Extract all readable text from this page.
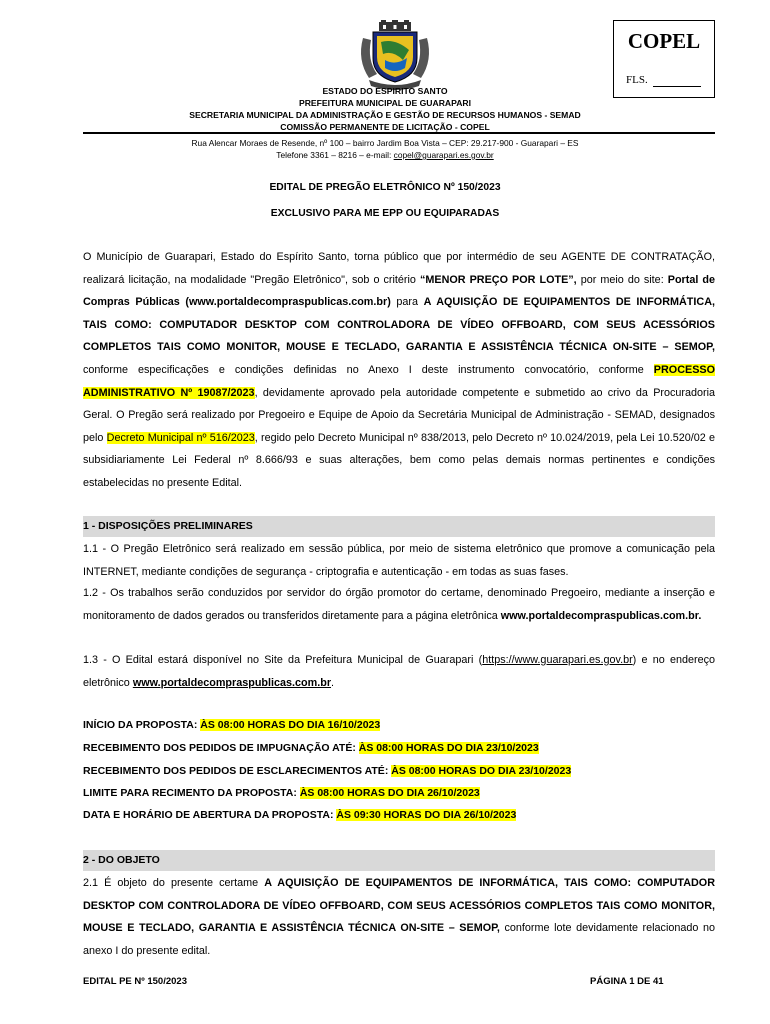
COPEL
FLS.
ESTADO DO ESPIRITO SANTO
PREFEITURA MUNICIPAL DE GUARAPARI
SECRETARIA MUNICIPAL DA ADMINISTRAÇÃO E GESTÃO DE RECURSOS HUMANOS - SEMAD
COMISSÃO PERMANENTE DE LICITAÇÃO - COPEL
Rua Alencar Moraes de Resende, nº 100 – bairro Jardim Boa Vista – CEP: 29.217-900 - Guarapari – ES
Telefone 3361 – 8216 – e-mail: copel@guarapari.es.gov.br
EDITAL DE PREGÃO ELETRÔNICO Nº 150/2023
EXCLUSIVO PARA ME EPP OU EQUIPARADAS
O Município de Guarapari, Estado do Espírito Santo, torna público que por intermédio de seu AGENTE DE CONTRATAÇÃO, realizará licitação, na modalidade "Pregão Eletrônico", sob o critério “MENOR PREÇO POR LOTE”, por meio do site: Portal de Compras Públicas (www.portaldecompraspublicas.com.br) para A AQUISIÇÃO DE EQUIPAMENTOS DE INFORMÁTICA, TAIS COMO: COMPUTADOR DESKTOP COM CONTROLADORA DE VÍDEO OFFBOARD, COM SEUS ACESSÓRIOS COMPLETOS TAIS COMO MONITOR, MOUSE E TECLADO, GARANTIA E ASSISTÊNCIA TÉCNICA ON-SITE – SEMOP, conforme especificações e condições definidas no Anexo I deste instrumento convocatório, conforme PROCESSO ADMINISTRATIVO Nº 19087/2023, devidamente aprovado pela autoridade competente e submetido ao crivo da Procuradoria Geral. O Pregão será realizado por Pregoeiro e Equipe de Apoio da Secretária Municipal de Administração - SEMAD, designados pelo Decreto Municipal nº 516/2023, regido pelo Decreto Municipal nº 838/2013, pelo Decreto nº 10.024/2019, pela Lei 10.520/02 e subsidiariamente Lei Federal nº 8.666/93 e suas alterações, bem como pelas demais normas pertinentes e condições estabelecidas no presente Edital.
1 - DISPOSIÇÕES PRELIMINARES
1.1 - O Pregão Eletrônico será realizado em sessão pública, por meio de sistema eletrônico que promove a comunicação pela INTERNET, mediante condições de segurança - criptografia e autenticação - em todas as suas fases.
1.2 - Os trabalhos serão conduzidos por servidor do órgão promotor do certame, denominado Pregoeiro, mediante a inserção e monitoramento de dados gerados ou transferidos diretamente para a página eletrônica www.portaldecompraspublicas.com.br.
1.3 - O Edital estará disponível no Site da Prefeitura Municipal de Guarapari (https://www.guarapari.es.gov.br) e no endereço eletrônico www.portaldecompraspublicas.com.br.
INÍCIO DA PROPOSTA: ÀS 08:00 HORAS DO DIA 16/10/2023
RECEBIMENTO DOS PEDIDOS DE IMPUGNAÇÃO ATÉ: ÀS 08:00 HORAS DO DIA 23/10/2023
RECEBIMENTO DOS PEDIDOS DE ESCLARECIMENTOS ATÉ: ÀS 08:00 HORAS DO DIA 23/10/2023
LIMITE PARA RECIMENTO DA PROPOSTA: ÀS 08:00 HORAS DO DIA 26/10/2023
DATA E HORÁRIO DE ABERTURA DA PROPOSTA: ÀS 09:30 HORAS DO DIA 26/10/2023
2 - DO OBJETO
2.1 É objeto do presente certame A AQUISIÇÃO DE EQUIPAMENTOS DE INFORMÁTICA, TAIS COMO: COMPUTADOR DESKTOP COM CONTROLADORA DE VÍDEO OFFBOARD, COM SEUS ACESSÓRIOS COMPLETOS TAIS COMO MONITOR, MOUSE E TECLADO, GARANTIA E ASSISTÊNCIA TÉCNICA ON-SITE – SEMOP, conforme lote devidamente relacionado no anexo I do presente edital.
EDITAL PE Nº 150/2023	PÁGINA 1 DE 41
